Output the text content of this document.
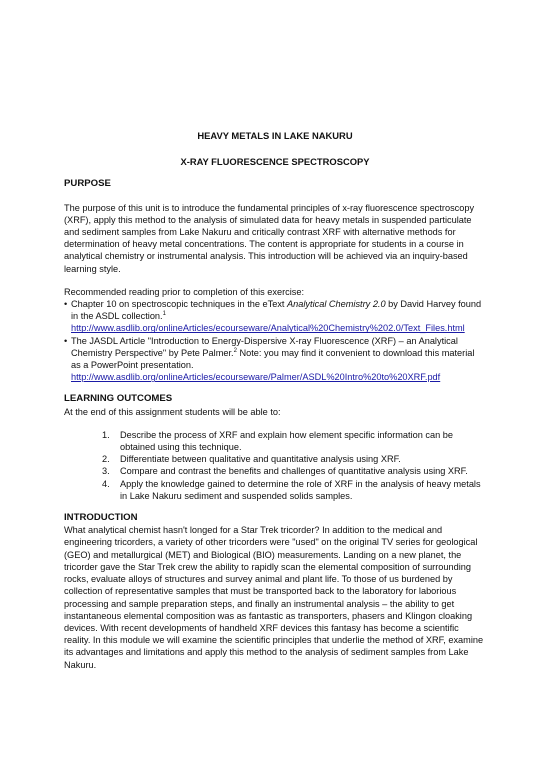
HEAVY METALS IN LAKE NAKURU

X-RAY FLUORESCENCE SPECTROSCOPY

PURPOSE

The purpose of this unit is to introduce the fundamental principles of x-ray fluorescence spectroscopy (XRF), apply this method to the analysis of simulated data for heavy metals in suspended particulate and sediment samples from Lake Nakuru and critically contrast XRF with alternative methods for determination of heavy metal concentrations. The content is appropriate for students in a course in analytical chemistry or instrumental analysis. This introduction will be achieved via an inquiry-based learning style.

Recommended reading prior to completion of this exercise:

• Chapter 10 on spectroscopic techniques in the eText Analytical Chemistry 2.0 by David Harvey found in the ASDL collection.$^1$
http://www.asdlib.org/onlineArticles/ecourseware/Analytical%20Chemistry%202.0/Text_Files.html
• The JASDL Article "Introduction to Energy-Dispersive X-ray Fluorescence (XRF) – an Analytical Chemistry Perspective" by Pete Palmer.$^2$ Note: you may find it convenient to download this material as a PowerPoint presentation.
http://www.asdlib.org/onlineArticles/ecourseware/Palmer/ASDL%20Intro%20to%20XRF.pdf
LEARNING OUTCOMES

At the end of this assignment students will be able to:

1. Describe the process of XRF and explain how element specific information can be obtained using this technique.
2. Differentiate between qualitative and quantitative analysis using XRF.
3. Compare and contrast the benefits and challenges of quantitative analysis using XRF.
4. Apply the knowledge gained to determine the role of XRF in the analysis of heavy metals in Lake Nakuru sediment and suspended solids samples.
INTRODUCTION

What analytical chemist hasn't longed for a Star Trek tricorder? In addition to the medical and engineering tricorders, a variety of other tricorders were "used" on the original TV series for geological (GEO) and metallurgical (MET) and Biological (BIO) measurements. Landing on a new planet, the tricorder gave the Star Trek crew the ability to rapidly scan the elemental composition of surrounding rocks, evaluate alloys of structures and survey animal and plant life. To those of us burdened by collection of representative samples that must be transported back to the laboratory for laborious processing and sample preparation steps, and finally an instrumental analysis – the ability to get instantaneous elemental composition was as fantastic as transporters, phasers and Klingon cloaking devices. With recent developments of handheld XRF devices this fantasy has become a scientific reality. In this module we will examine the scientific principles that underlie the method of XRF, examine its advantages and limitations and apply this method to the analysis of sediment samples from Lake Nakuru.
